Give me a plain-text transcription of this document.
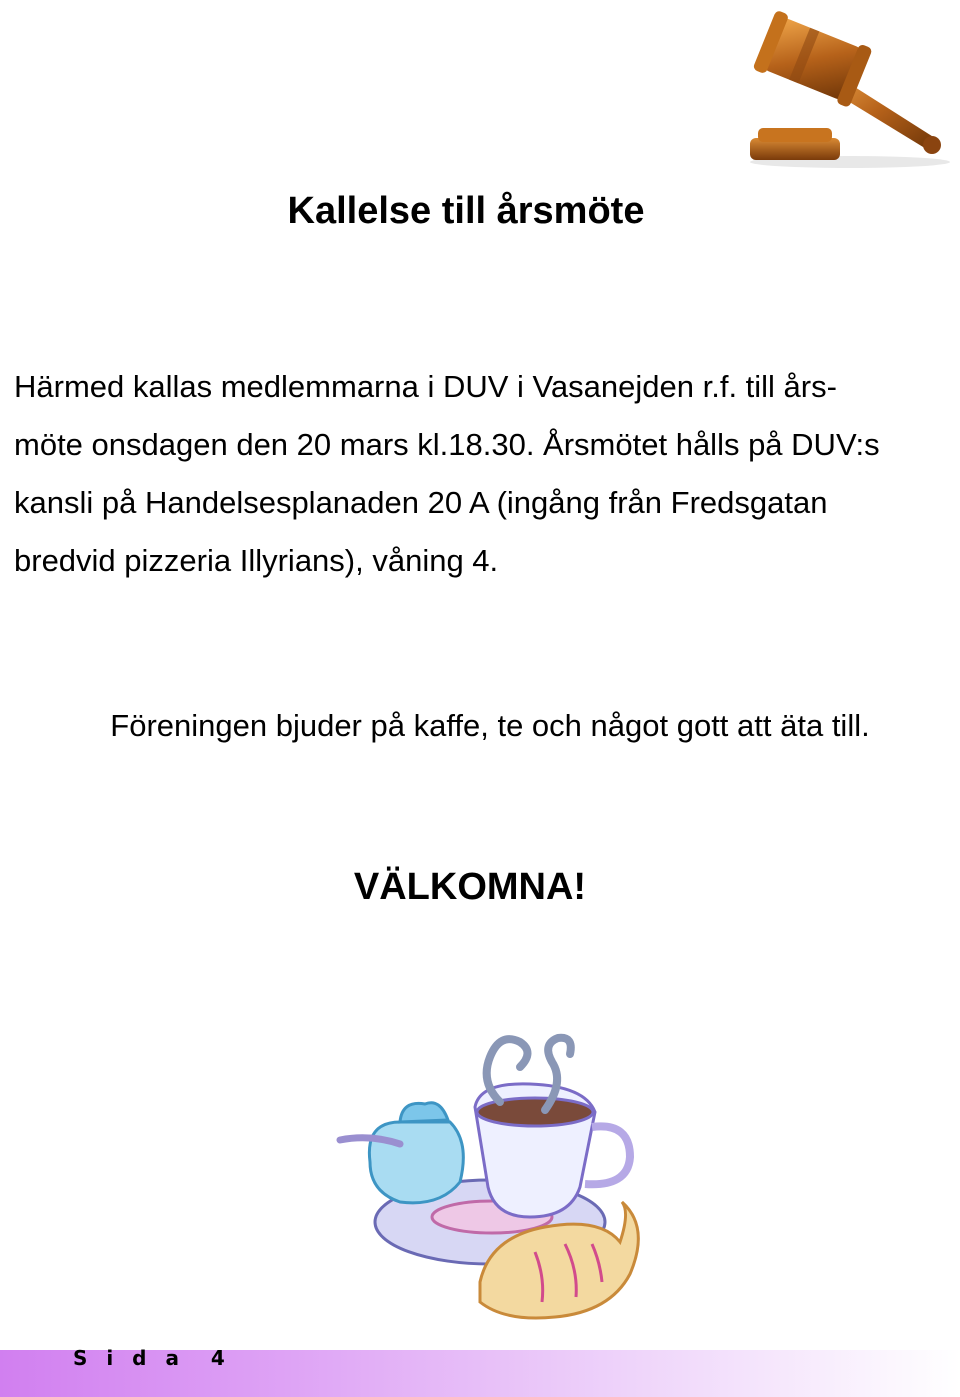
Kallelse till årsmöte

Härmed kallas medlemmarna i DUV i Vasanejden r.f. till års-
möte onsdagen den 20 mars kl.18.30. Årsmötet hålls på DUV:s
kansli på Handelsesplanaden 20 A (ingång från Fredsgatan
bredvid pizzeria Illyrians), våning 4.

Föreningen bjuder på kaffe, te och något gott att äta till.

VÄLKOMNA!

S i d a  4
